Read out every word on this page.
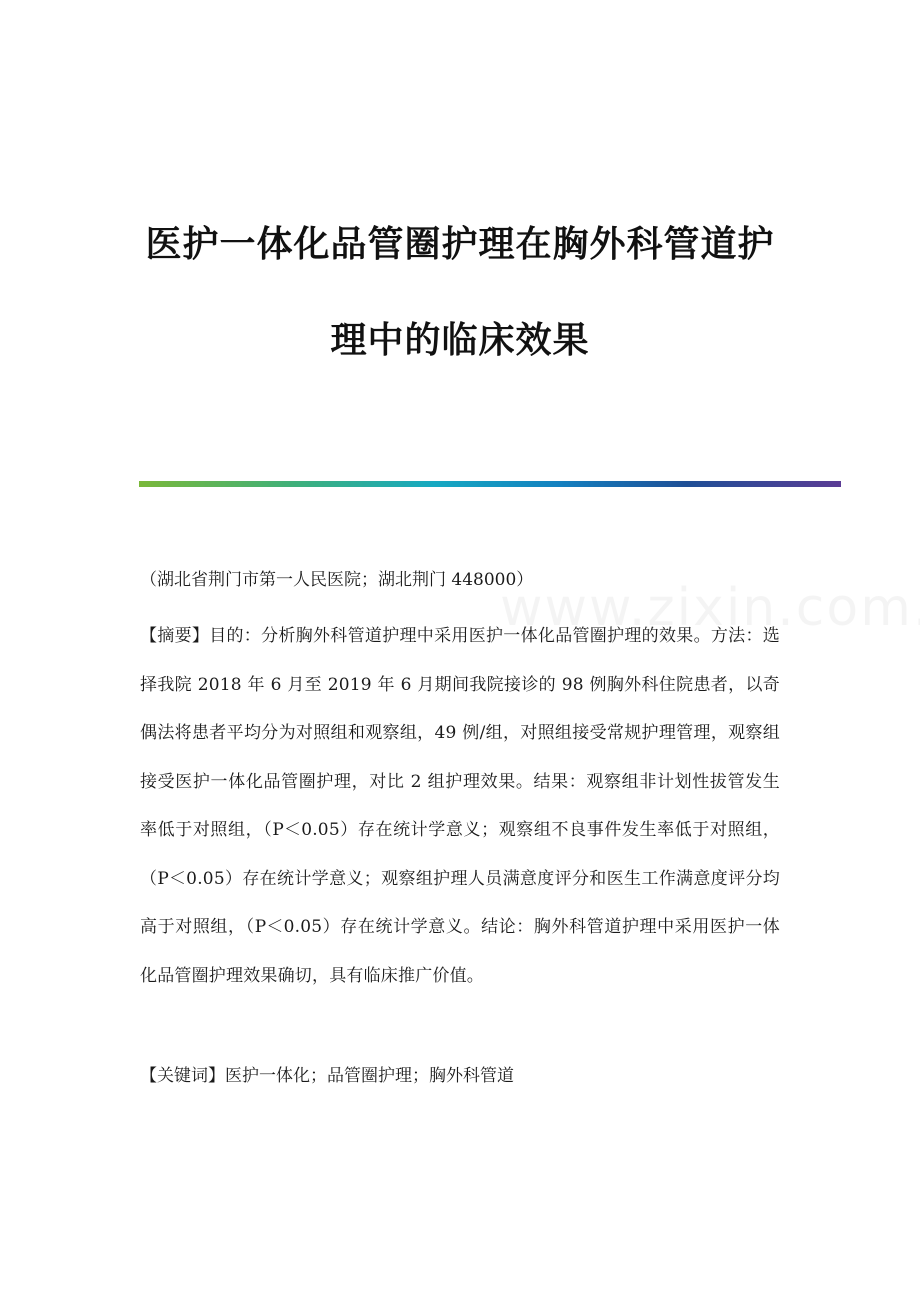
医护一体化品管圈护理在胸外科管道护
理中的临床效果
（湖北省荆门市第一人民医院；湖北荆门 448000）
【摘要】目的：分析胸外科管道护理中采用医护一体化品管圈护理的效果。方法：选择我院 2018 年 6 月至 2019 年 6 月期间我院接诊的 98 例胸外科住院患者，以奇偶法将患者平均分为对照组和观察组，49 例/组，对照组接受常规护理管理，观察组接受医护一体化品管圈护理，对比 2 组护理效果。结果：观察组非计划性拔管发生率低于对照组，（P＜0.05）存在统计学意义；观察组不良事件发生率低于对照组，（P＜0.05）存在统计学意义；观察组护理人员满意度评分和医生工作满意度评分均高于对照组，（P＜0.05）存在统计学意义。结论：胸外科管道护理中采用医护一体化品管圈护理效果确切，具有临床推广价值。
【关键词】医护一体化；品管圈护理；胸外科管道
